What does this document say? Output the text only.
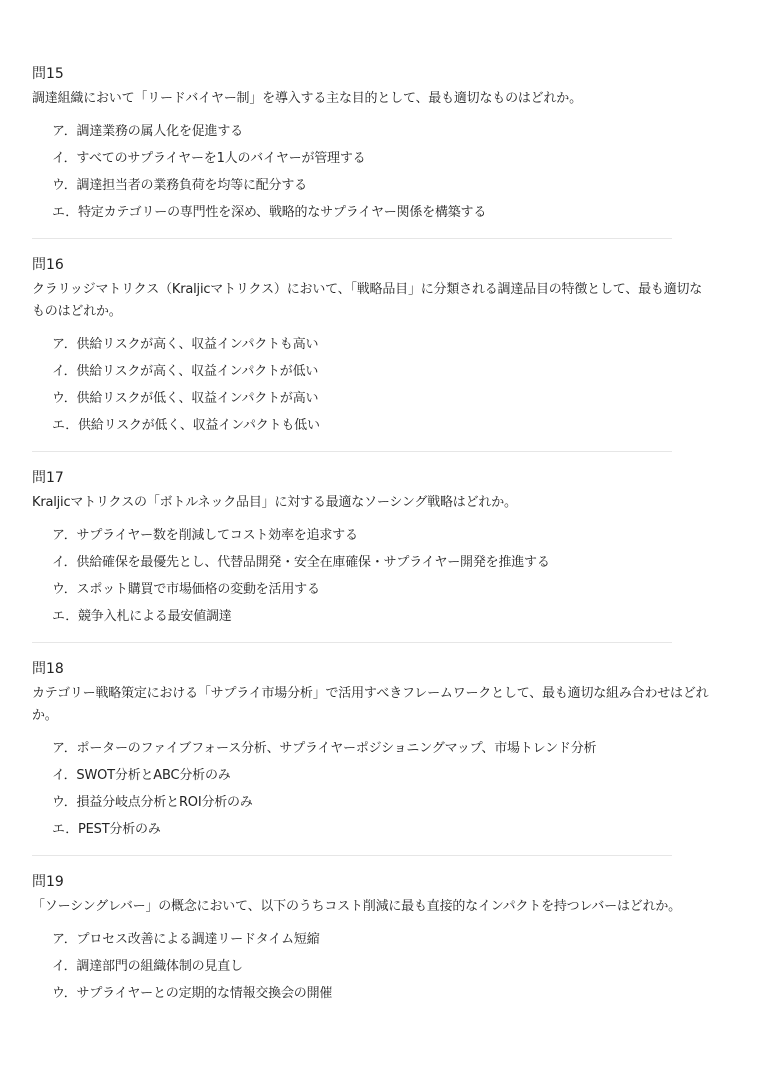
問15
調達組織において「リードバイヤー制」を導入する主な目的として、最も適切なものはどれか。
ア．調達業務の属人化を促進する
イ．すべてのサプライヤーを1人のバイヤーが管理する
ウ．調達担当者の業務負荷を均等に配分する
エ．特定カテゴリーの専門性を深め、戦略的なサプライヤー関係を構築する
問16
クラリッジマトリクス（Kraljicマトリクス）において、「戦略品目」に分類される調達品目の特徴として、最も適切なものはどれか。
ア．供給リスクが高く、収益インパクトも高い
イ．供給リスクが高く、収益インパクトが低い
ウ．供給リスクが低く、収益インパクトが高い
エ．供給リスクが低く、収益インパクトも低い
問17
Kraljicマトリクスの「ボトルネック品目」に対する最適なソーシング戦略はどれか。
ア．サプライヤー数を削減してコスト効率を追求する
イ．供給確保を最優先とし、代替品開発・安全在庫確保・サプライヤー開発を推進する
ウ．スポット購買で市場価格の変動を活用する
エ．競争入札による最安値調達
問18
カテゴリー戦略策定における「サプライ市場分析」で活用すべきフレームワークとして、最も適切な組み合わせはどれか。
ア．ポーターのファイブフォース分析、サプライヤーポジショニングマップ、市場トレンド分析
イ．SWOT分析とABC分析のみ
ウ．損益分岐点分析とROI分析のみ
エ．PEST分析のみ
問19
「ソーシングレバー」の概念において、以下のうちコスト削減に最も直接的なインパクトを持つレバーはどれか。
ア．プロセス改善による調達リードタイム短縮
イ．調達部門の組織体制の見直し
ウ．サプライヤーとの定期的な情報交換会の開催
